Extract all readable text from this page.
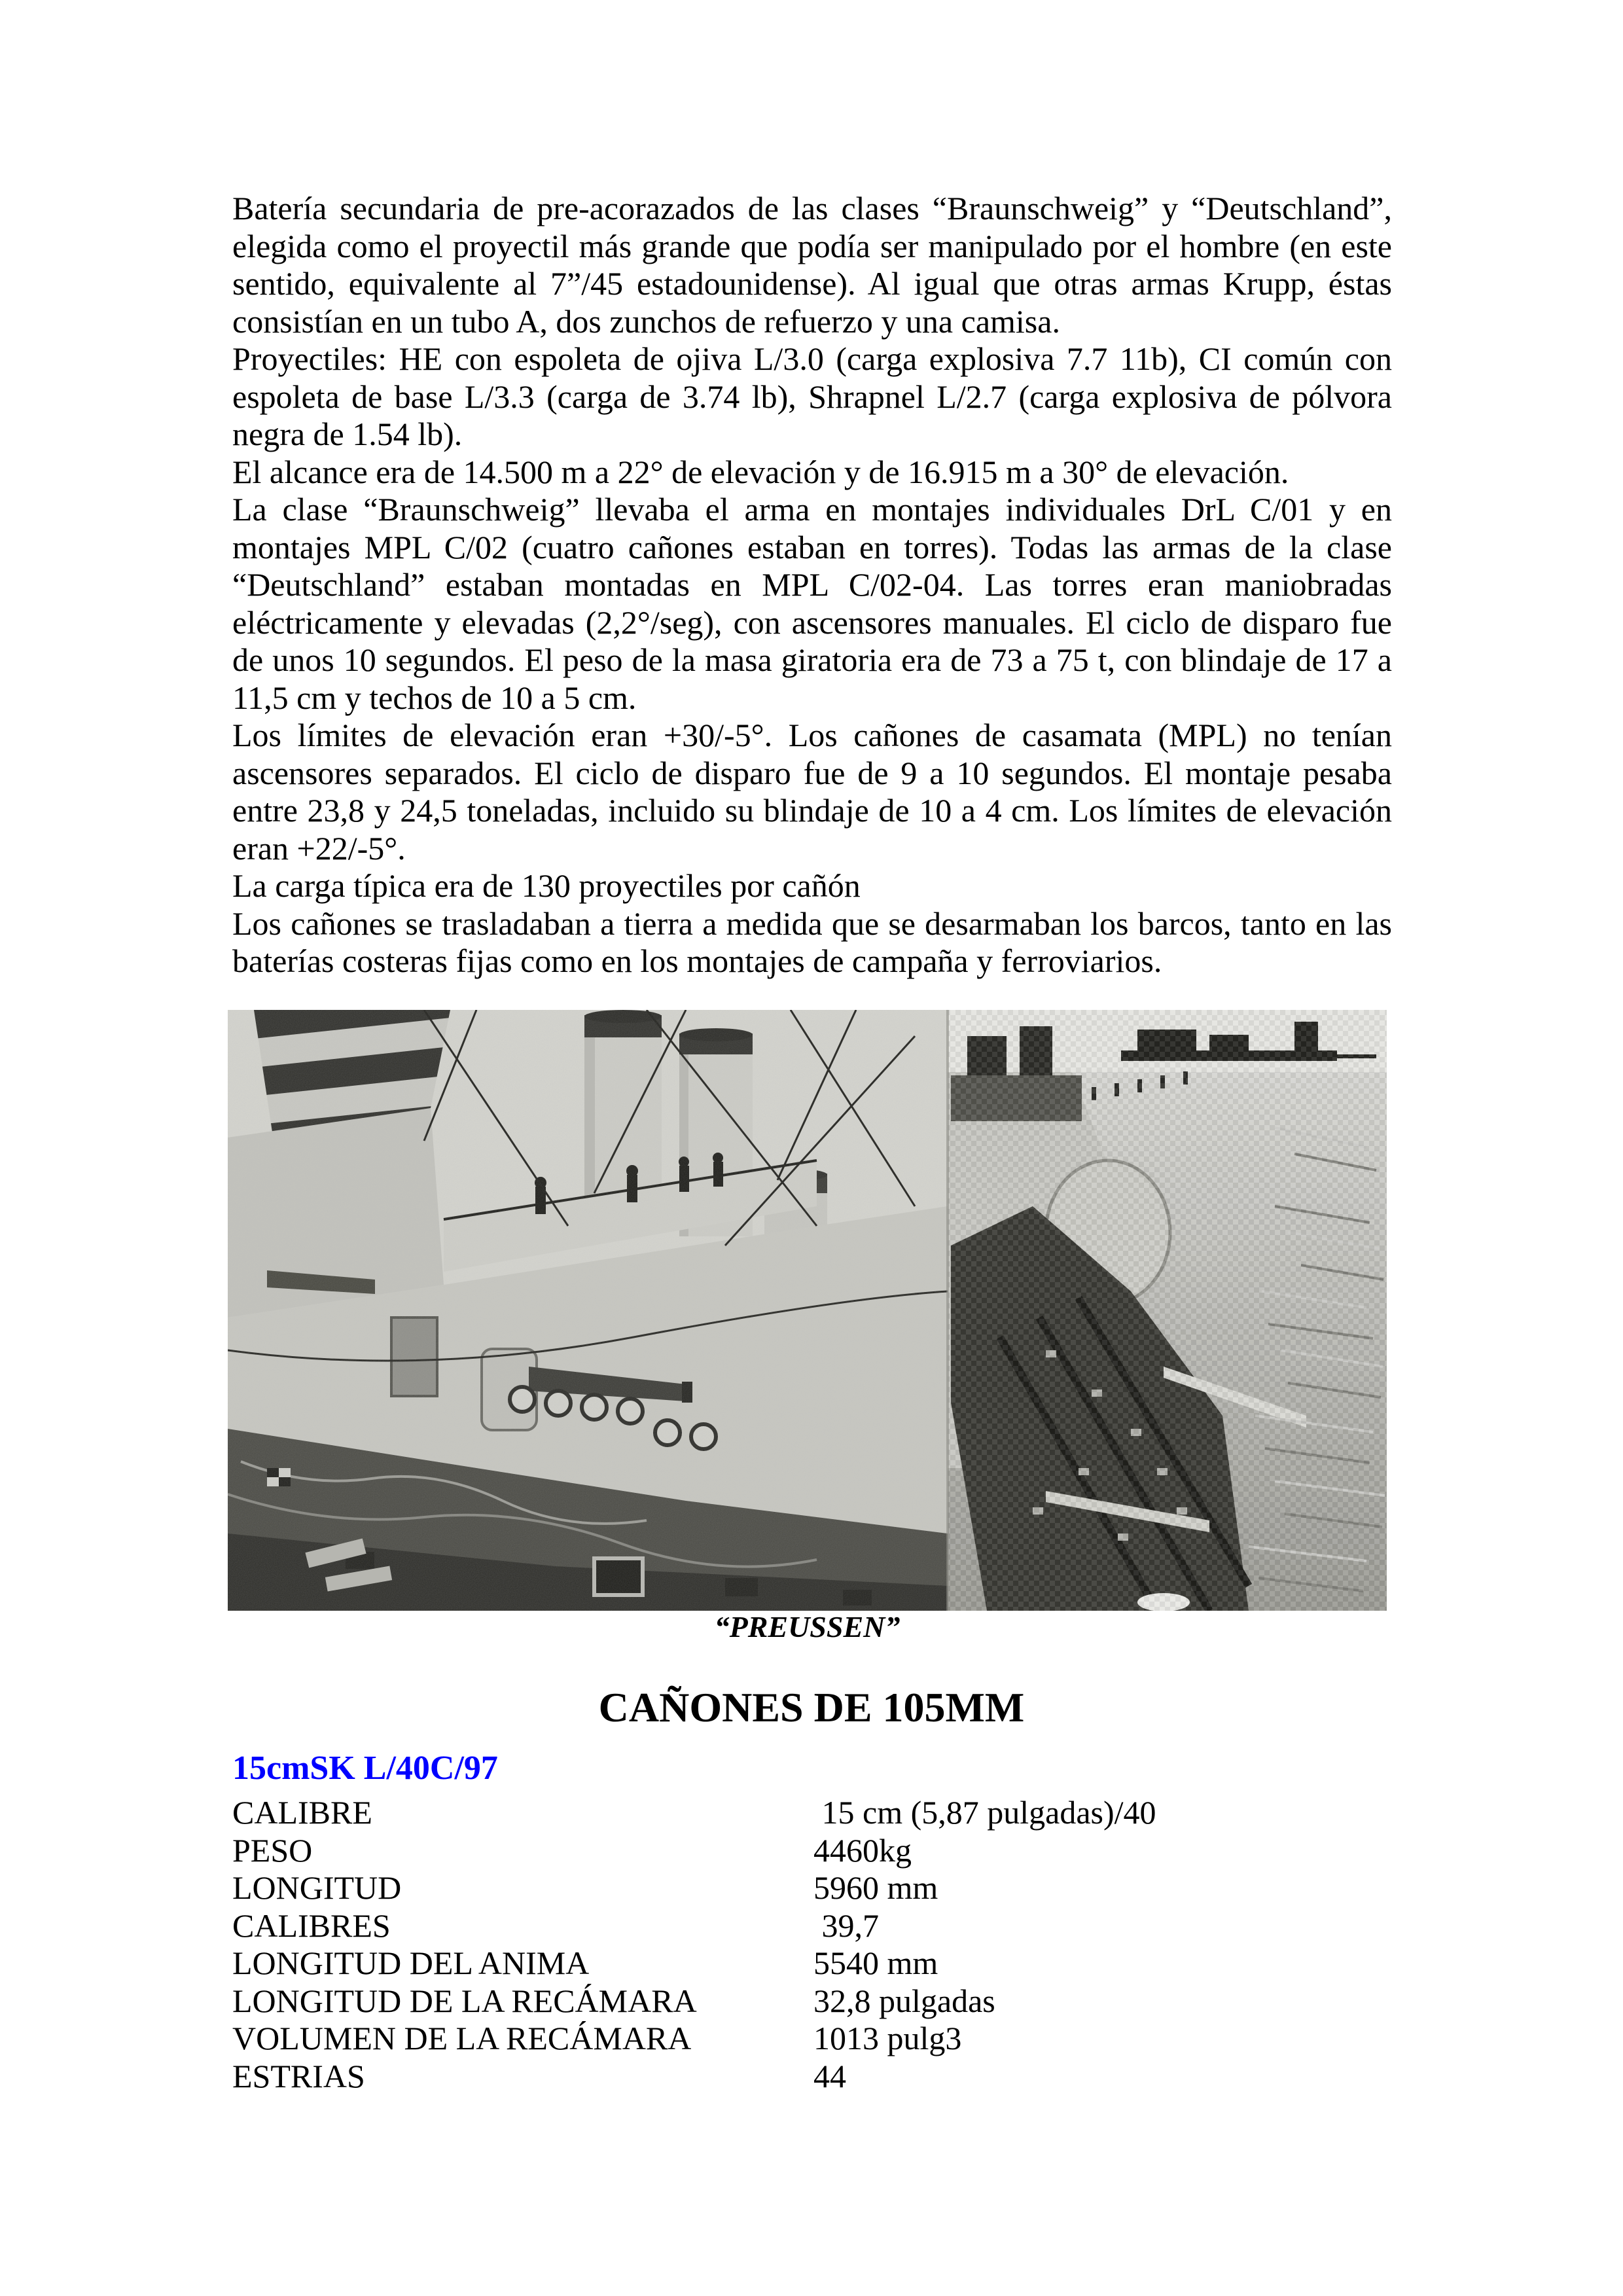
Batería secundaria de pre-acorazados de las clases “Braunschweig” y “Deutschland”, elegida como el proyectil más grande que podía ser manipulado por el hombre (en este sentido, equivalente al 7”/45 estadounidense). Al igual que otras armas Krupp, éstas consistían en un tubo A, dos zunchos de refuerzo y una camisa.

Proyectiles: HE con espoleta de ojiva L/3.0 (carga explosiva 7.7 11b), CI común con espoleta de base L/3.3 (carga de 3.74 lb), Shrapnel L/2.7 (carga explosiva de pólvora negra de 1.54 lb).

El alcance era de 14.500 m a 22° de elevación y de 16.915 m a 30° de elevación.

La clase “Braunschweig” llevaba el arma en montajes individuales DrL C/01 y en montajes MPL C/02 (cuatro cañones estaban en torres). Todas las armas de la clase “Deutschland” estaban montadas en MPL C/02-04. Las torres eran maniobradas eléctricamente y elevadas (2,2°/seg), con ascensores manuales. El ciclo de disparo fue de unos 10 segundos. El peso de la masa giratoria era de 73 a 75 t, con blindaje de 17 a 11,5 cm y techos de 10 a 5 cm.

Los límites de elevación eran +30/-5°. Los cañones de casamata (MPL) no tenían ascensores separados. El ciclo de disparo fue de 9 a 10 segundos. El montaje pesaba entre 23,8 y 24,5 toneladas, incluido su blindaje de 10 a 4 cm. Los límites de elevación eran +22/-5°.

La carga típica era de 130 proyectiles por cañón

Los cañones se trasladaban a tierra a medida que se desarmaban los barcos, tanto en las baterías costeras fijas como en los montajes de campaña y ferroviarios.

“PREUSSEN”
CAÑONES DE 105MM
15cmSK L/40C/97
CALIBRE	15 cm (5,87 pulgadas)/40
PESO	4460kg
LONGITUD	5960 mm
CALIBRES	39,7
LONGITUD DEL ANIMA	5540 mm
LONGITUD DE LA RECÁMARA	32,8 pulgadas
VOLUMEN DE LA RECÁMARA	1013 pulg3
ESTRIAS	44
